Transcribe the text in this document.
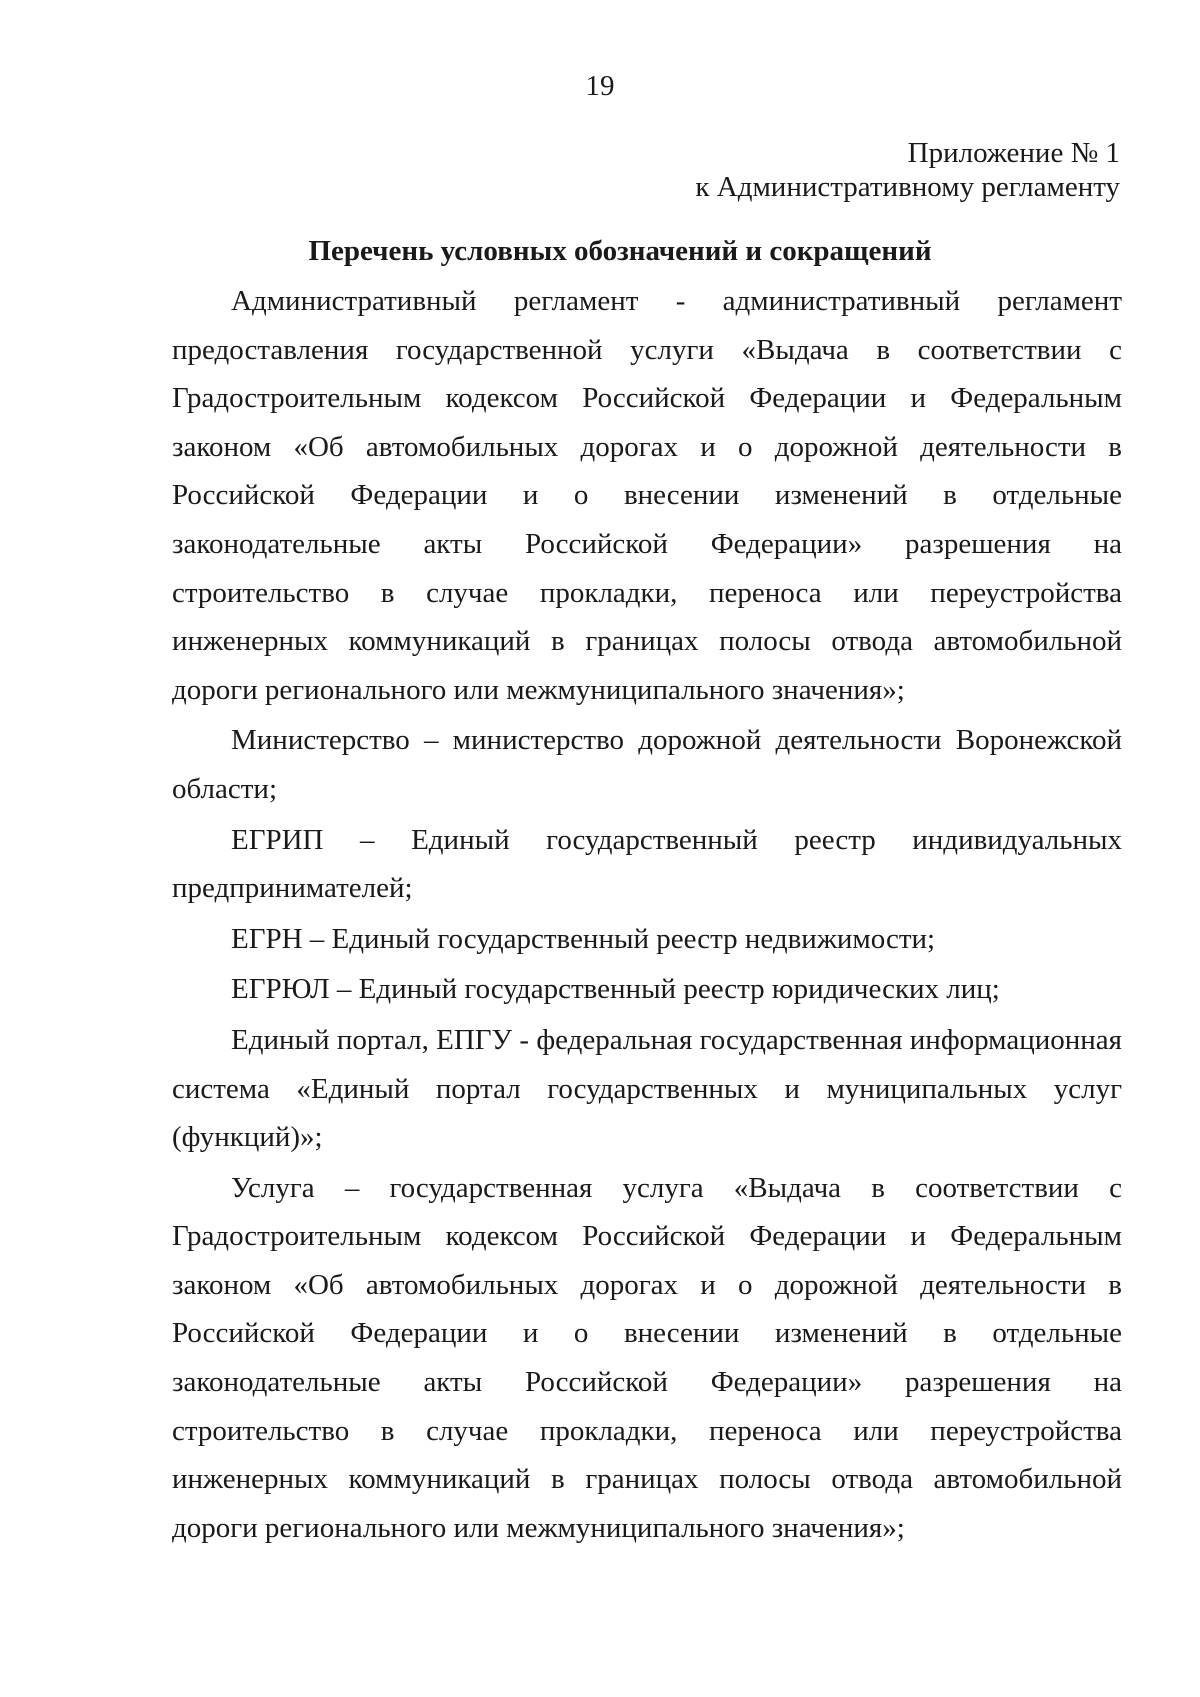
19
Приложение № 1
к Административному регламенту
Перечень условных обозначений и сокращений

Административный регламент - административный регламент предоставления государственной услуги «Выдача в соответствии с Градостроительным кодексом Российской Федерации и Федеральным законом «Об автомобильных дорогах и о дорожной деятельности в Российской Федерации и о внесении изменений в отдельные законодательные акты Российской Федерации» разрешения на строительство в случае прокладки, переноса или переустройства инженерных коммуникаций в границах полосы отвода автомобильной дороги регионального или межмуниципального значения»;

Министерство – министерство дорожной деятельности Воронежской области;

ЕГРИП – Единый государственный реестр индивидуальных предпринимателей;

ЕГРН – Единый государственный реестр недвижимости;

ЕГРЮЛ – Единый государственный реестр юридических лиц;

Единый портал, ЕПГУ - федеральная государственная информационная система «Единый портал государственных и муниципальных услуг (функций)»;

Услуга – государственная услуга «Выдача в соответствии с Градостроительным кодексом Российской Федерации и Федеральным законом «Об автомобильных дорогах и о дорожной деятельности в Российской Федерации и о внесении изменений в отдельные законодательные акты Российской Федерации» разрешения на строительство в случае прокладки, переноса или переустройства инженерных коммуникаций в границах полосы отвода автомобильной дороги регионального или межмуниципального значения»;
